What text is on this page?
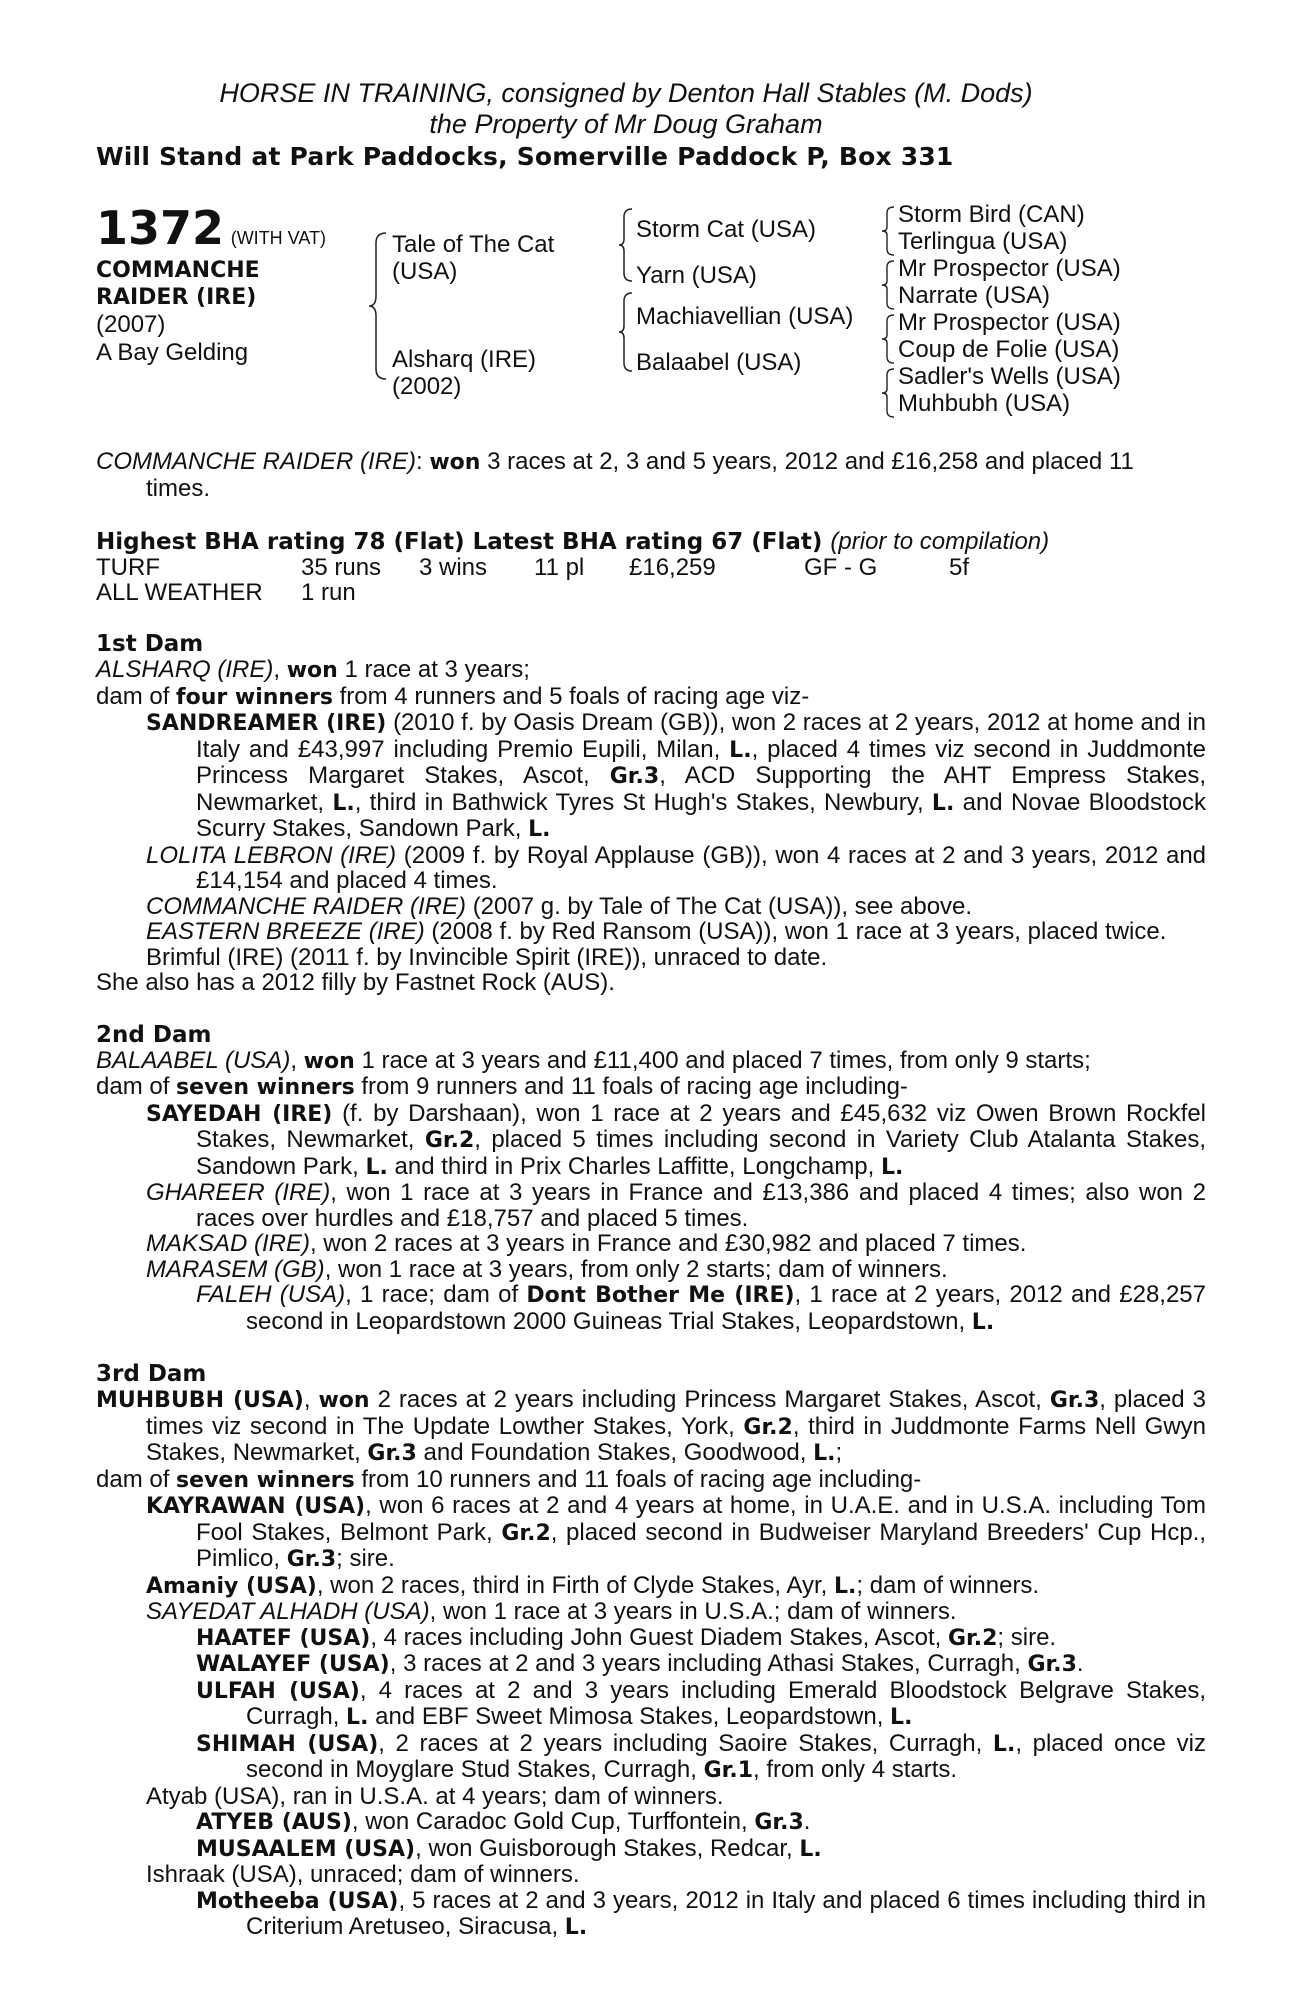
HORSE IN TRAINING, consigned by Denton Hall Stables (M. Dods)
the Property of Mr Doug Graham
Will Stand at Park Paddocks, Somerville Paddock P, Box 331
1372 (WITH VAT)
COMMANCHE
RAIDER (IRE)
(2007)
A Bay Gelding
Tale of The Cat
(USA)
Alsharq (IRE)
(2002)
Storm Cat (USA)
Yarn (USA)
Machiavellian (USA)
Balaabel (USA)
Storm Bird (CAN)
Terlingua (USA)
Mr Prospector (USA)
Narrate (USA)
Mr Prospector (USA)
Coup de Folie (USA)
Sadler's Wells (USA)
Muhbubh (USA)

COMMANCHE RAIDER (IRE): won 3 races at 2, 3 and 5 years, 2012 and £16,258 and placed 11
times.

Highest BHA rating 78 (Flat) Latest BHA rating 67 (Flat) (prior to compilation)
TURF	35 runs	3 wins	11 pl	£16,259	GF - G	5f
ALL WEATHER	1 run					
1st Dam

ALSHARQ (IRE), won 1 race at 3 years;

dam of four winners from 4 runners and 5 foals of racing age viz-

SANDREAMER (IRE) (2010 f. by Oasis Dream (GB)), won 2 races at 2 years, 2012 at home and in Italy and £43,997 including Premio Eupili, Milan, L., placed 4 times viz second in Juddmonte Princess Margaret Stakes, Ascot, Gr.3, ACD Supporting the AHT Empress Stakes, Newmarket, L., third in Bathwick Tyres St Hugh's Stakes, Newbury, L. and Novae Bloodstock Scurry Stakes, Sandown Park, L.

LOLITA LEBRON (IRE) (2009 f. by Royal Applause (GB)), won 4 races at 2 and 3 years, 2012 and £14,154 and placed 4 times.

COMMANCHE RAIDER (IRE) (2007 g. by Tale of The Cat (USA)), see above.

EASTERN BREEZE (IRE) (2008 f. by Red Ransom (USA)), won 1 race at 3 years, placed twice.

Brimful (IRE) (2011 f. by Invincible Spirit (IRE)), unraced to date.

She also has a 2012 filly by Fastnet Rock (AUS).

2nd Dam

BALAABEL (USA), won 1 race at 3 years and £11,400 and placed 7 times, from only 9 starts;

dam of seven winners from 9 runners and 11 foals of racing age including-

SAYEDAH (IRE) (f. by Darshaan), won 1 race at 2 years and £45,632 viz Owen Brown Rockfel Stakes, Newmarket, Gr.2, placed 5 times including second in Variety Club Atalanta Stakes, Sandown Park, L. and third in Prix Charles Laffitte, Longchamp, L.

GHAREER (IRE), won 1 race at 3 years in France and £13,386 and placed 4 times; also won 2 races over hurdles and £18,757 and placed 5 times.

MAKSAD (IRE), won 2 races at 3 years in France and £30,982 and placed 7 times.

MARASEM (GB), won 1 race at 3 years, from only 2 starts; dam of winners.

FALEH (USA), 1 race; dam of Dont Bother Me (IRE), 1 race at 2 years, 2012 and £28,257 second in Leopardstown 2000 Guineas Trial Stakes, Leopardstown, L.

3rd Dam

MUHBUBH (USA), won 2 races at 2 years including Princess Margaret Stakes, Ascot, Gr.3, placed 3 times viz second in The Update Lowther Stakes, York, Gr.2, third in Juddmonte Farms Nell Gwyn Stakes, Newmarket, Gr.3 and Foundation Stakes, Goodwood, L.;

dam of seven winners from 10 runners and 11 foals of racing age including-

KAYRAWAN (USA), won 6 races at 2 and 4 years at home, in U.A.E. and in U.S.A. including Tom Fool Stakes, Belmont Park, Gr.2, placed second in Budweiser Maryland Breeders' Cup Hcp., Pimlico, Gr.3; sire.

Amaniy (USA), won 2 races, third in Firth of Clyde Stakes, Ayr, L.; dam of winners.

SAYEDAT ALHADH (USA), won 1 race at 3 years in U.S.A.; dam of winners.

HAATEF (USA), 4 races including John Guest Diadem Stakes, Ascot, Gr.2; sire.

WALAYEF (USA), 3 races at 2 and 3 years including Athasi Stakes, Curragh, Gr.3.

ULFAH (USA), 4 races at 2 and 3 years including Emerald Bloodstock Belgrave Stakes, Curragh, L. and EBF Sweet Mimosa Stakes, Leopardstown, L.

SHIMAH (USA), 2 races at 2 years including Saoire Stakes, Curragh, L., placed once viz second in Moyglare Stud Stakes, Curragh, Gr.1, from only 4 starts.

Atyab (USA), ran in U.S.A. at 4 years; dam of winners.

ATYEB (AUS), won Caradoc Gold Cup, Turffontein, Gr.3.

MUSAALEM (USA), won Guisborough Stakes, Redcar, L.

Ishraak (USA), unraced; dam of winners.

Motheeba (USA), 5 races at 2 and 3 years, 2012 in Italy and placed 6 times including third in Criterium Aretuseo, Siracusa, L.
